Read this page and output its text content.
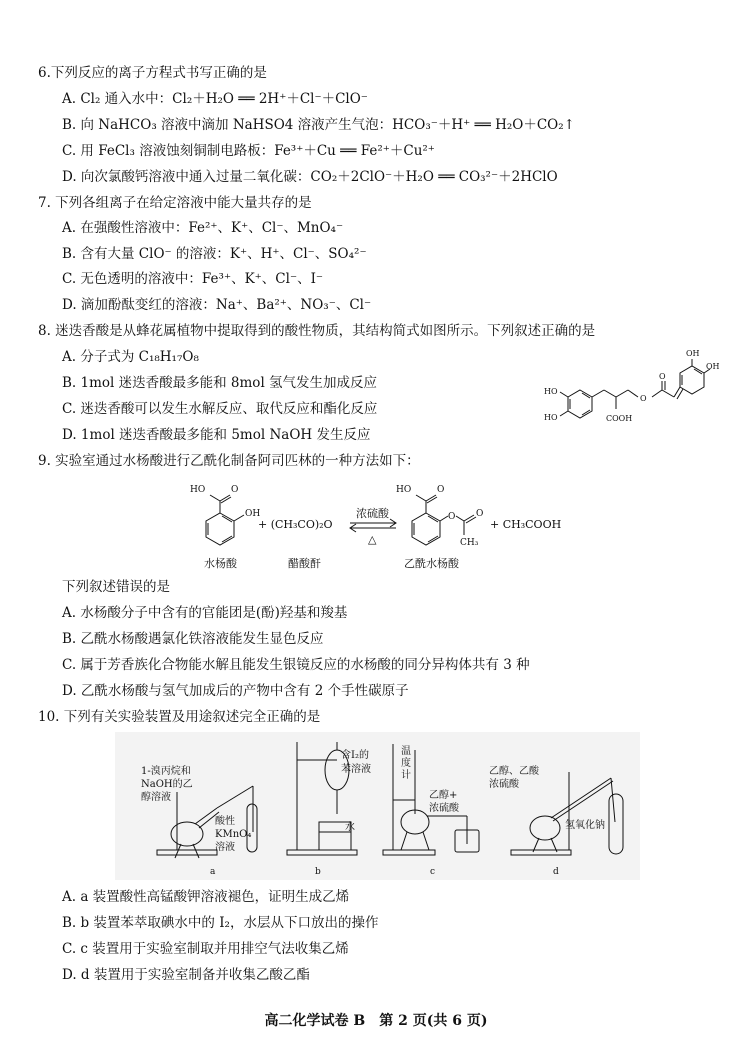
6.下列反应的离子方程式书写正确的是
A. Cl₂ 通入水中：Cl₂＋H₂O ══ 2H⁺＋Cl⁻＋ClO⁻
B. 向 NaHCO₃ 溶液中滴加 NaHSO4 溶液产生气泡：HCO₃⁻＋H⁺ ══ H₂O＋CO₂↑
C. 用 FeCl₃ 溶液蚀刻铜制电路板：Fe³⁺＋Cu ══ Fe²⁺＋Cu²⁺
D. 向次氯酸钙溶液中通入过量二氧化碳：CO₂＋2ClO⁻＋H₂O ══ CO₃²⁻＋2HClO
7. 下列各组离子在给定溶液中能大量共存的是
A. 在强酸性溶液中：Fe²⁺、K⁺、Cl⁻、MnO₄⁻
B. 含有大量 ClO⁻ 的溶液：K⁺、H⁺、Cl⁻、SO₄²⁻
C. 无色透明的溶液中：Fe³⁺、K⁺、Cl⁻、I⁻
D. 滴加酚酞变红的溶液：Na⁺、Ba²⁺、NO₃⁻、Cl⁻
8. 迷迭香酸是从蜂花属植物中提取得到的酸性物质，其结构简式如图所示。下列叙述正确的是
A. 分子式为 C₁₈H₁₇O₈
B. 1mol 迷迭香酸最多能和 8mol 氢气发生加成反应
C. 迷迭香酸可以发生水解反应、取代反应和酯化反应
D. 1mol 迷迭香酸最多能和 5mol NaOH 发生反应
OH
HO
HO	COOH
O
O
OH
9. 实验室通过水杨酸进行乙酰化制备阿司匹林的一种方法如下：
HO	O
OH
HO	O
O O
CH₃
+ (CH₃CO)₂O
浓硫酸
△
+ CH₃COOH
水杨酸	醋酸酐	乙酰水杨酸
下列叙述错误的是
A. 水杨酸分子中含有的官能团是(酚)羟基和羧基
B. 乙酰水杨酸遇氯化铁溶液能发生显色反应
C. 属于芳香族化合物能水解且能发生银镜反应的水杨酸的同分异构体共有 3 种
D. 乙酰水杨酸与氢气加成后的产物中含有 2 个手性碳原子
10. 下列有关实验装置及用途叙述完全正确的是
1-溴丙烷和
NaOH的乙
醇溶液
酸性
KMnO₄
溶液
含I₂的
苯溶液
水
温
度
计
乙醇+
浓硫酸
乙醇、乙酸
浓硫酸
氢氧化钠
a	b	c	d
A. a 装置酸性高锰酸钾溶液褪色，证明生成乙烯
B. b 装置苯萃取碘水中的 I₂，水层从下口放出的操作
C. c 装置用于实验室制取并用排空气法收集乙烯
D. d 装置用于实验室制备并收集乙酸乙酯
高二化学试卷 B　第 2 页(共 6 页)
